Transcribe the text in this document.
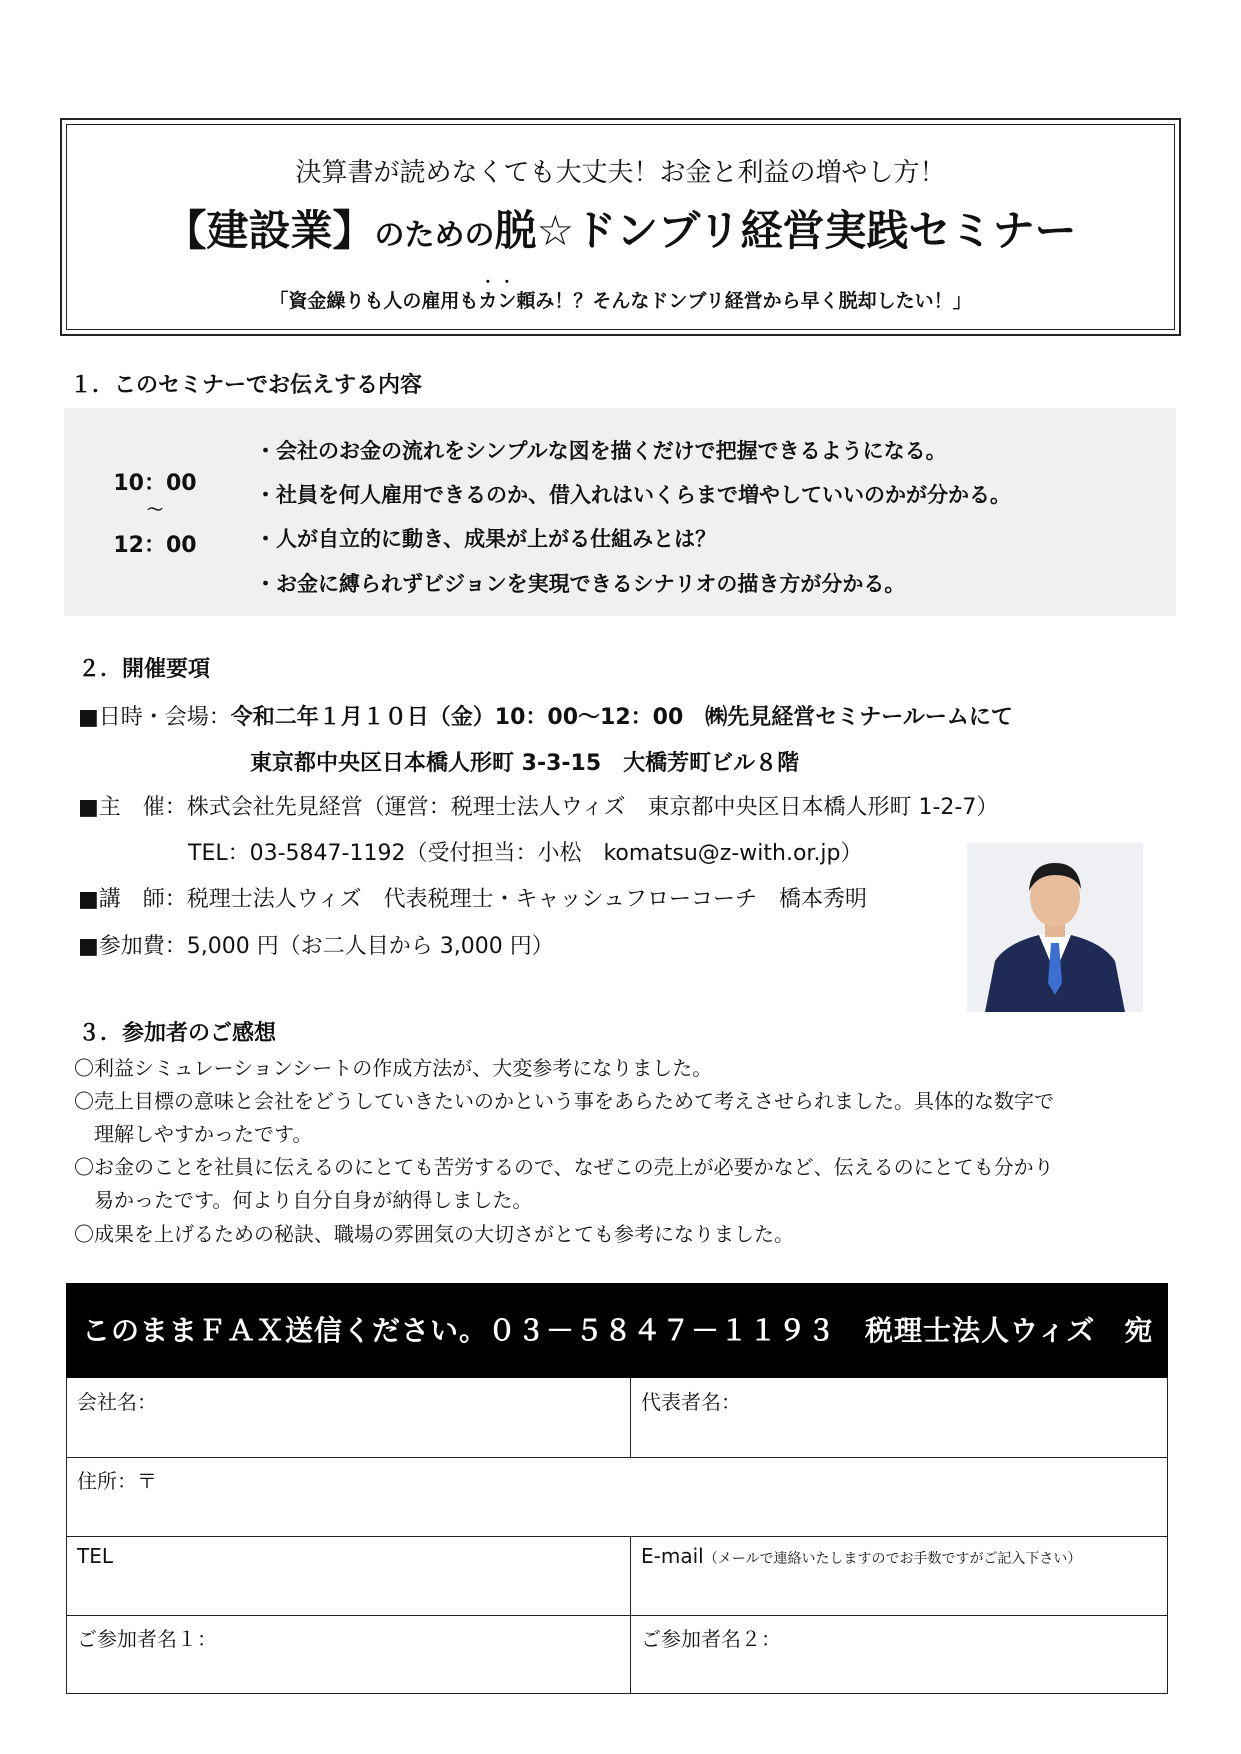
決算書が読めなくても大丈夫！お金と利益の増やし方！
【建設業】のための脱☆ドンブリ経営実践セミナー
「資金繰りも人の雇用も・ カ・ ン頼み！？そんなドンブリ経営から早く脱却したい！」
１．このセミナーでお伝えする内容
10：00
～
12：00
・会社のお金の流れをシンプルな図を描くだけで把握できるようになる。
・社員を何人雇用できるのか、借入れはいくらまで増やしていいのかが分かる。
・人が自立的に動き、成果が上がる仕組みとは？
・お金に縛られずビジョンを実現できるシナリオの描き方が分かる。
２．開催要項
■日時・会場：令和二年１月１０日（金）10：00～12：00　㈱先見経営セミナールームにて
東京都中央区日本橋人形町 3-3-15　大橋芳町ビル８階
■主　催：株式会社先見経営（運営：税理士法人ウィズ　東京都中央区日本橋人形町 1-2-7）
TEL：03-5847-1192（受付担当：小松　komatsu@z-with.or.jp）
■講　師：税理士法人ウィズ　代表税理士・キャッシュフローコーチ　橋本秀明
■参加費：5,000 円（お二人目から 3,000 円）
３．参加者のご感想
〇利益シミュレーションシートの作成方法が、大変参考になりました。
〇売上目標の意味と会社をどうしていきたいのかという事をあらためて考えさせられました。具体的な数字で
　理解しやすかったです。
〇お金のことを社員に伝えるのにとても苦労するので、なぜこの売上が必要かなど、伝えるのにとても分かり
　易かったです。何より自分自身が納得しました。
〇成果を上げるための秘訣、職場の雰囲気の大切さがとても参考になりました。
このままＦＡＸ送信ください。０３－５８４７－１１９３　税理士法人ウィズ　宛
会社名：	代表者名：
住所：〒
TEL	E-mail（メールで連絡いたしますのでお手数ですがご記入下さい）
ご参加者名１：	ご参加者名２：
